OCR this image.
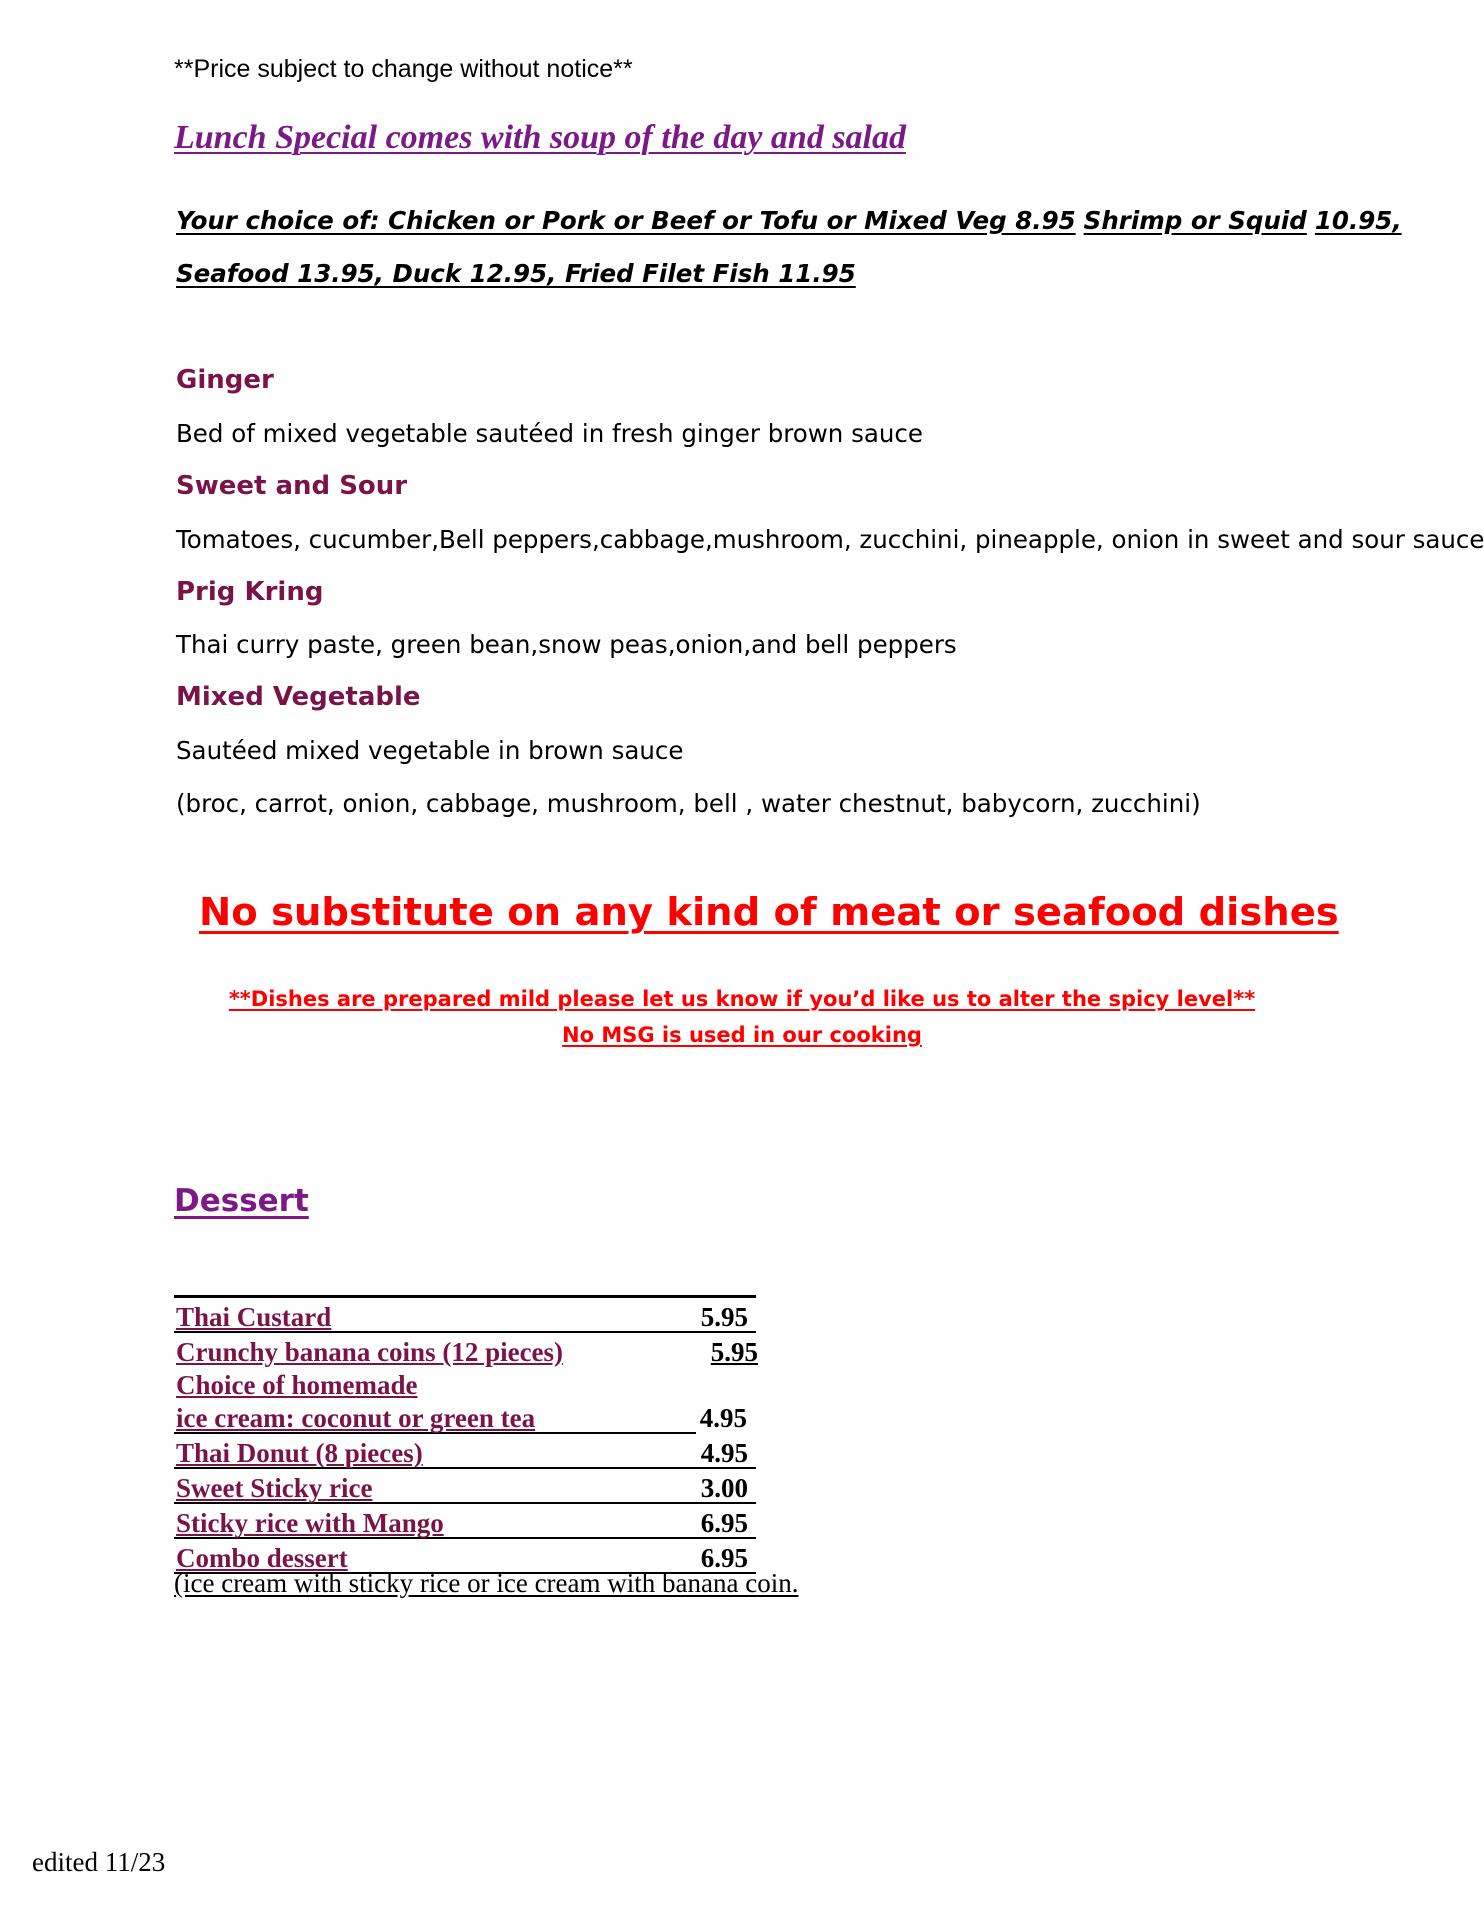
**Price subject to change without notice**
Lunch Special comes with soup of the day and salad
Your choice of: Chicken or Pork or Beef or Tofu or Mixed Veg 8.95 Shrimp or Squid 10.95,
Seafood 13.95, Duck 12.95, Fried Filet Fish 11.95
Ginger
Bed of mixed vegetable sautéed in fresh ginger brown sauce
Sweet and Sour
Tomatoes, cucumber,Bell peppers,cabbage,mushroom, zucchini, pineapple, onion in sweet and sour sauce
Prig Kring
Thai curry paste, green bean,snow peas,onion,and bell peppers
Mixed Vegetable
Sautéed mixed vegetable in brown sauce
(broc, carrot, onion, cabbage, mushroom, bell , water chestnut, babycorn, zucchini)
No substitute on any kind of meat or seafood dishes
**Dishes are prepared mild please let us know if you’d like us to alter the spicy level**
No MSG is used in our cooking
Dessert
Thai Custard	5.95
Crunchy banana coins (12 pieces)	5.95
Choice of homemade
ice cream: coconut or green tea	4.95
Thai Donut (8 pieces)	4.95
Sweet Sticky rice	3.00
Sticky rice with Mango	6.95
Combo dessert	6.95
(ice cream with sticky rice or ice cream with banana coin.
edited 11/23
